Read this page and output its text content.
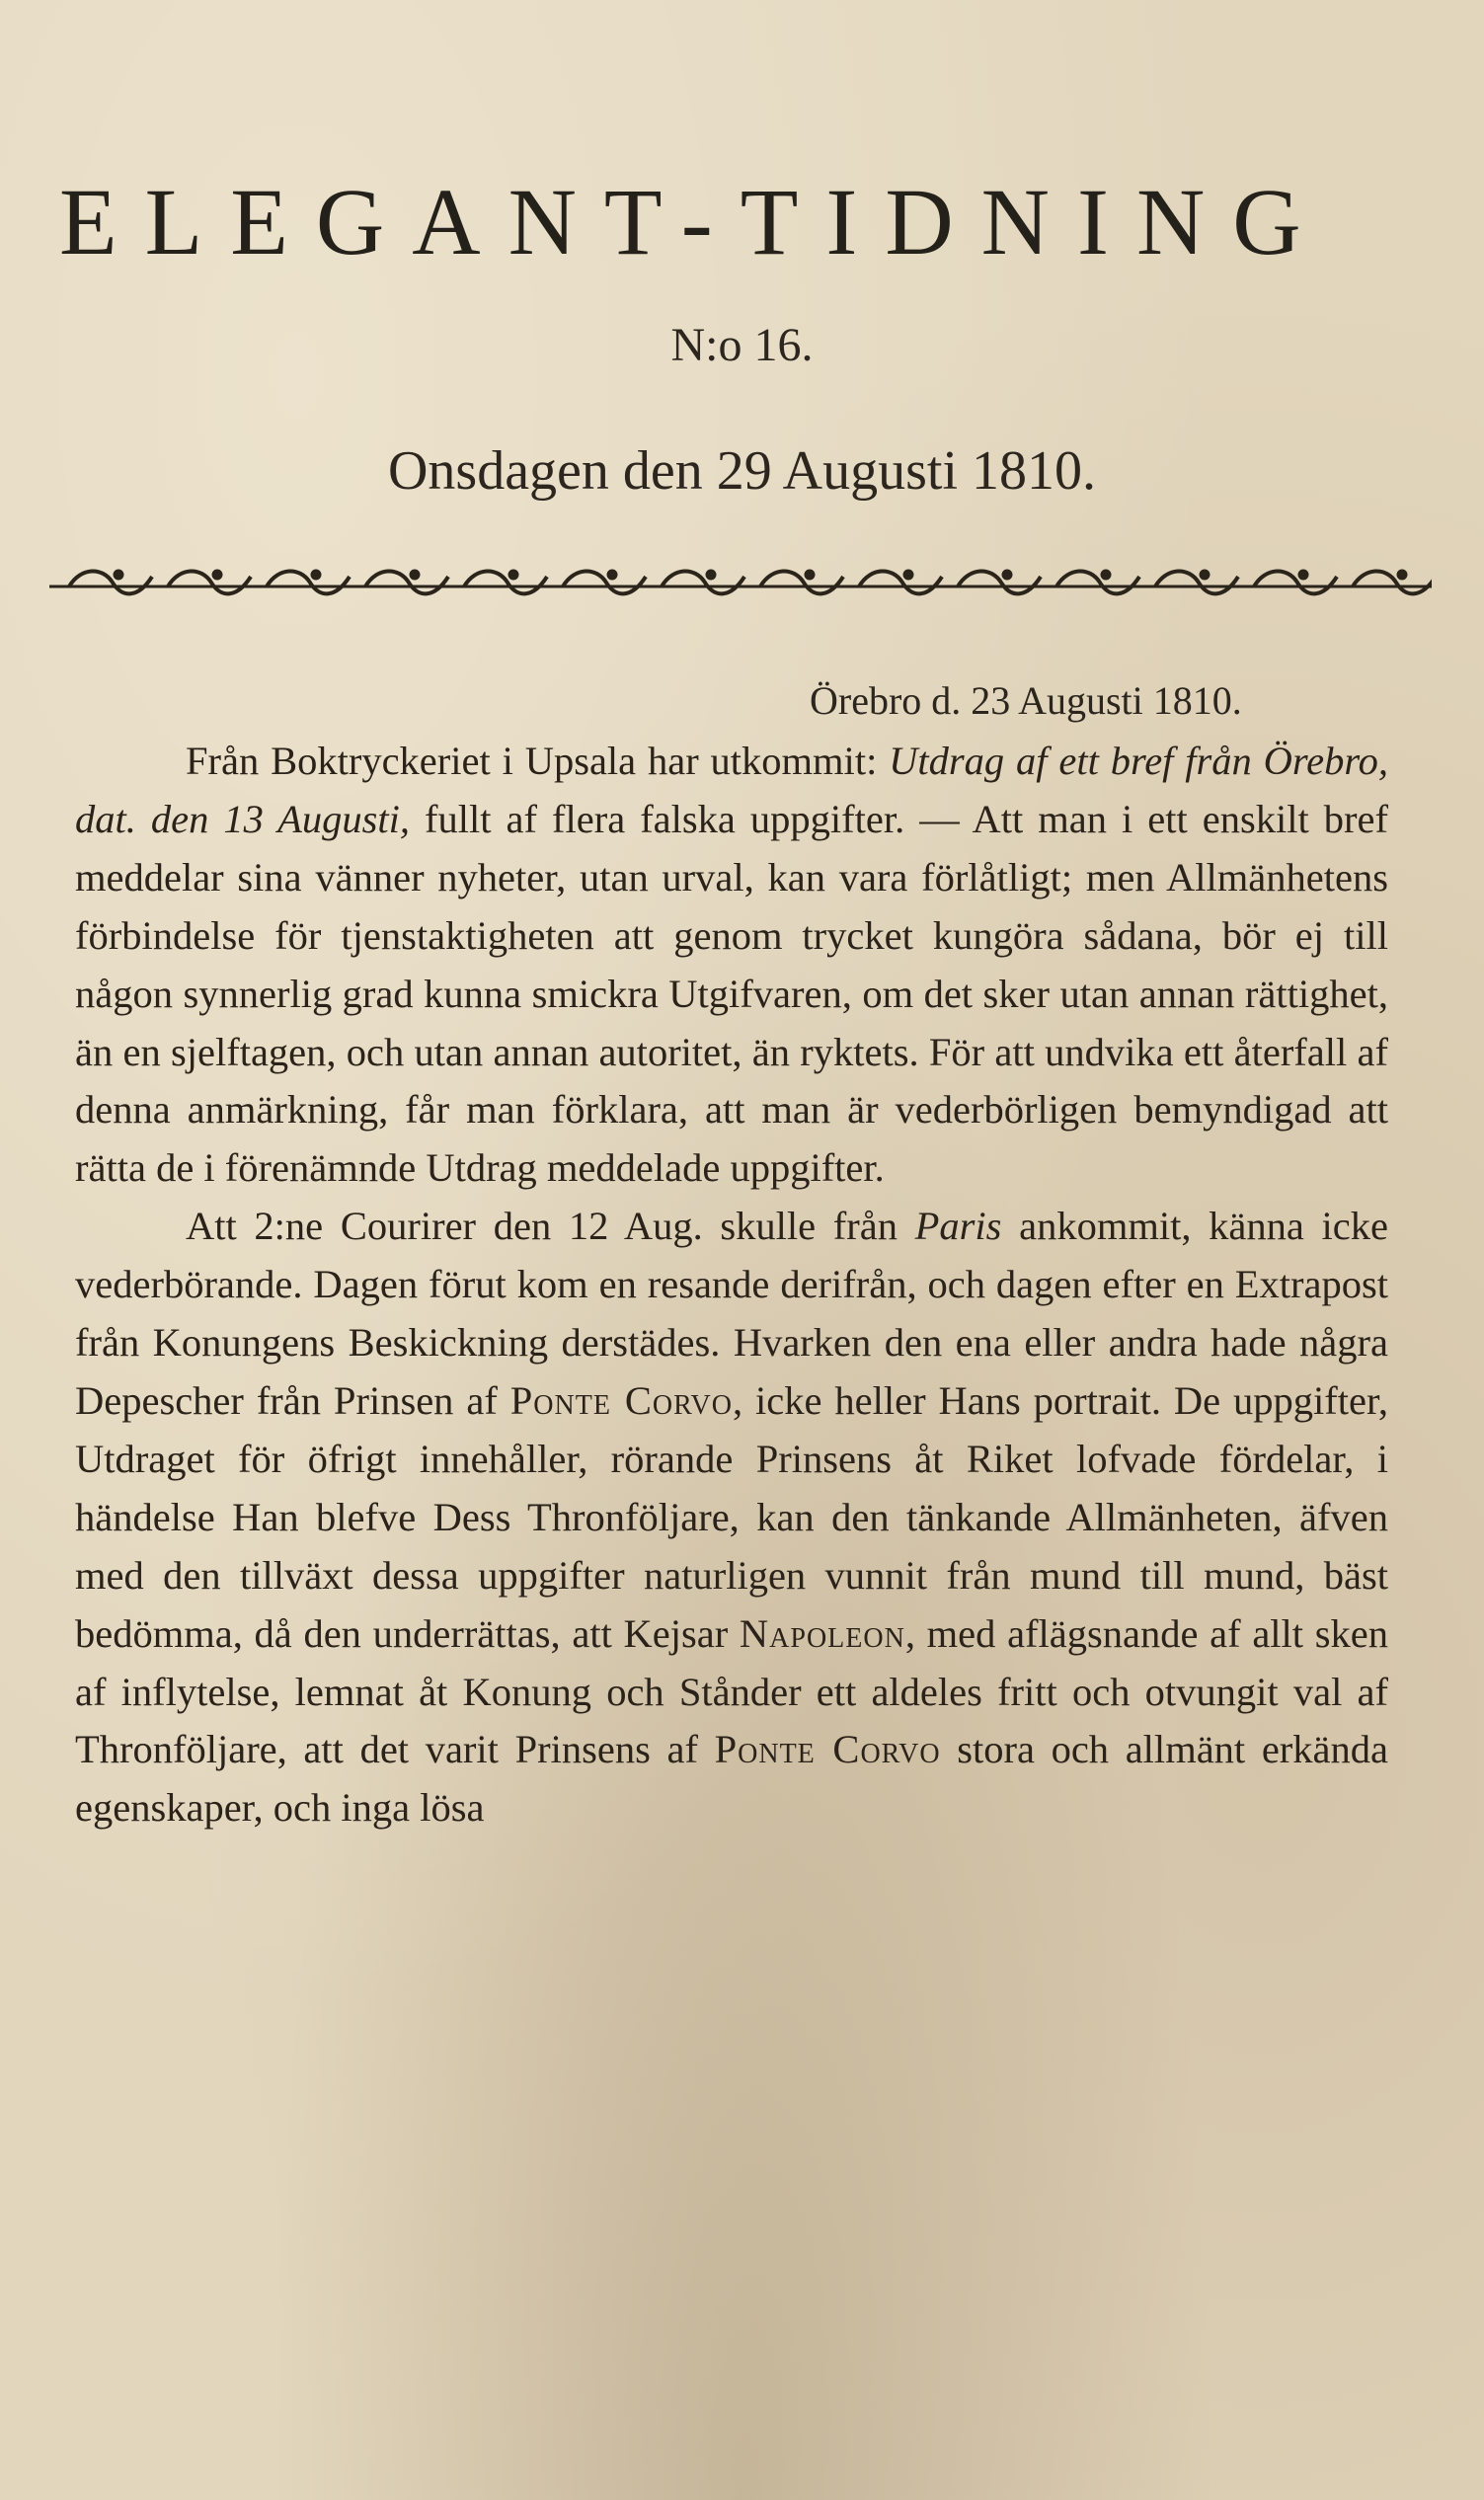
ELEGANT-TIDNING
N:o 16.
Onsdagen den 29 Augusti 1810.
Örebro d. 23 Augusti 1810.

Från Boktryckeriet i Upsala har utkommit: Utdrag af ett bref från Örebro, dat. den 13 Augusti, fullt af flera falska uppgifter. — Att man i ett enskilt bref meddelar sina vänner nyheter, utan urval, kan vara förlåtligt; men Allmänhetens förbindelse för tjenstaktigheten att genom trycket kungöra sådana, bör ej till någon synnerlig grad kunna smickra Utgifvaren, om det sker utan annan rättighet, än en sjelftagen, och utan annan autoritet, än ryktets. För att undvika ett återfall af denna anmärkning, får man förklara, att man är vederbörligen bemyndigad att rätta de i förenämnde Utdrag meddelade uppgifter.

Att 2:ne Courirer den 12 Aug. skulle från Paris ankommit, känna icke vederbörande. Dagen förut kom en resande derifrån, och dagen efter en Extrapost från Konungens Beskickning derstädes. Hvarken den ena eller andra hade några Depescher från Prinsen af Ponte Corvo, icke heller Hans portrait. De uppgifter, Utdraget för öfrigt innehåller, rörande Prinsens åt Riket lofvade fördelar, i händelse Han blefve Dess Thronföljare, kan den tänkande Allmänheten, äfven med den tillväxt dessa uppgifter naturligen vunnit från mund till mund, bäst bedömma, då den underrättas, att Kejsar Napoleon, med aflägsnande af allt sken af inflytelse, lemnat åt Konung och Stånder ett aldeles fritt och otvungit val af Thronföljare, att det varit Prinsens af Ponte Corvo stora och allmänt erkända egenskaper, och inga lösa
